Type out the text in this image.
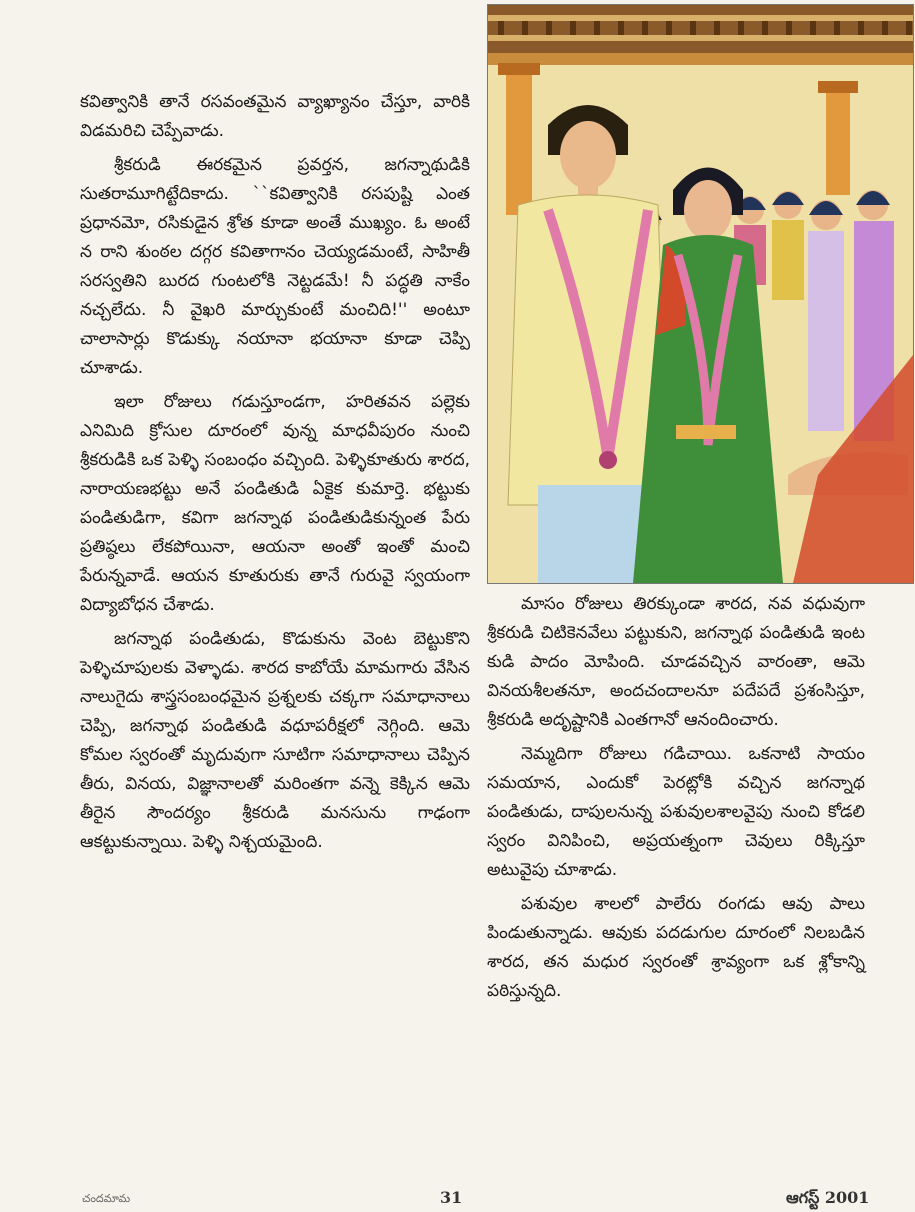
కవిత్వానికి తానే రసవంతమైన వ్యాఖ్యానం చేస్తూ, వారికి విడమరిచి చెప్పేవాడు.

శ్రీకరుడి ఈరకమైన ప్రవర్తన, జగన్నాథుడికి సుతరామూగిట్టేదికాదు. ``కవిత్వానికి రసపుష్టి ఎంత ప్రధానమో, రసికుడైన శ్రోత కూడా అంతే ముఖ్యం. ఓ అంటే న రాని శుంఠల దగ్గర కవితాగానం చెయ్యడమంటే, సాహితీ సరస్వతిని బురద గుంటలోకి నెట్టడమే! నీ పద్ధతి నాకేం నచ్చలేదు. నీ వైఖరి మార్చుకుంటే మంచిది!'' అంటూ చాలాసార్లు కొడుక్కు నయానా భయానా కూడా చెప్పి చూశాడు.

ఇలా రోజులు గడుస్తూండగా, హరితవన పల్లెకు ఎనిమిది క్రోసుల దూరంలో వున్న మాధవీపురం నుంచి శ్రీకరుడికి ఒక పెళ్ళి సంబంధం వచ్చింది. పెళ్ళికూతురు శారద, నారాయణభట్టు అనే పండితుడి ఏకైక కుమార్తె. భట్టుకు పండితుడిగా, కవిగా జగన్నాథ పండితుడికున్నంత పేరు ప్రతిష్ఠలు లేకపోయినా, ఆయనా అంతో ఇంతో మంచి పేరున్నవాడే. ఆయన కూతురుకు తానే గురువై స్వయంగా విద్యాబోధన చేశాడు.

జగన్నాథ పండితుడు, కొడుకును వెంట బెట్టుకొని పెళ్ళిచూపులకు వెళ్ళాడు. శారద కాబోయే మామగారు వేసిన నాలుగైదు శాస్త్రసంబంధమైన ప్రశ్నలకు చక్కగా సమాధానాలు చెప్పి, జగన్నాథ పండితుడి వధూపరీక్షలో నెగ్గింది. ఆమె కోమల స్వరంతో మృదువుగా సూటిగా సమాధానాలు చెప్పిన తీరు, వినయ, విజ్ఞానాలతో మరింతగా వన్నె కెక్కిన ఆమె తీరైన సౌందర్యం శ్రీకరుడి మనసును గాఢంగా ఆకట్టుకున్నాయి. పెళ్ళి నిశ్చయమైంది.

మాసం రోజులు తిరక్కుండా శారద, నవ వధువుగా శ్రీకరుడి చిటికెనవేలు పట్టుకుని, జగన్నాథ పండితుడి ఇంట కుడి పాదం మోపింది. చూడవచ్చిన వారంతా, ఆమె వినయశీలతనూ, అందచందాలనూ పదేపదే ప్రశంసిస్తూ, శ్రీకరుడి అదృష్టానికి ఎంతగానో ఆనందించారు.

నెమ్మదిగా రోజులు గడిచాయి. ఒకనాటి సాయం సమయాన, ఎందుకో పెరట్లోకి వచ్చిన జగన్నాథ పండితుడు, దాపులనున్న పశువులశాలవైపు నుంచి కోడలి స్వరం వినిపించి, అప్రయత్నంగా చెవులు రిక్కిస్తూ అటువైపు చూశాడు.

పశువుల శాలలో పాలేరు రంగడు ఆవు పాలు పిండుతున్నాడు. ఆవుకు పదడుగుల దూరంలో నిలబడిన శారద, తన మధుర స్వరంతో శ్రావ్యంగా ఒక శ్లోకాన్ని పఠిస్తున్నది.

చందమామ	31	ఆగస్ట్ 2001
